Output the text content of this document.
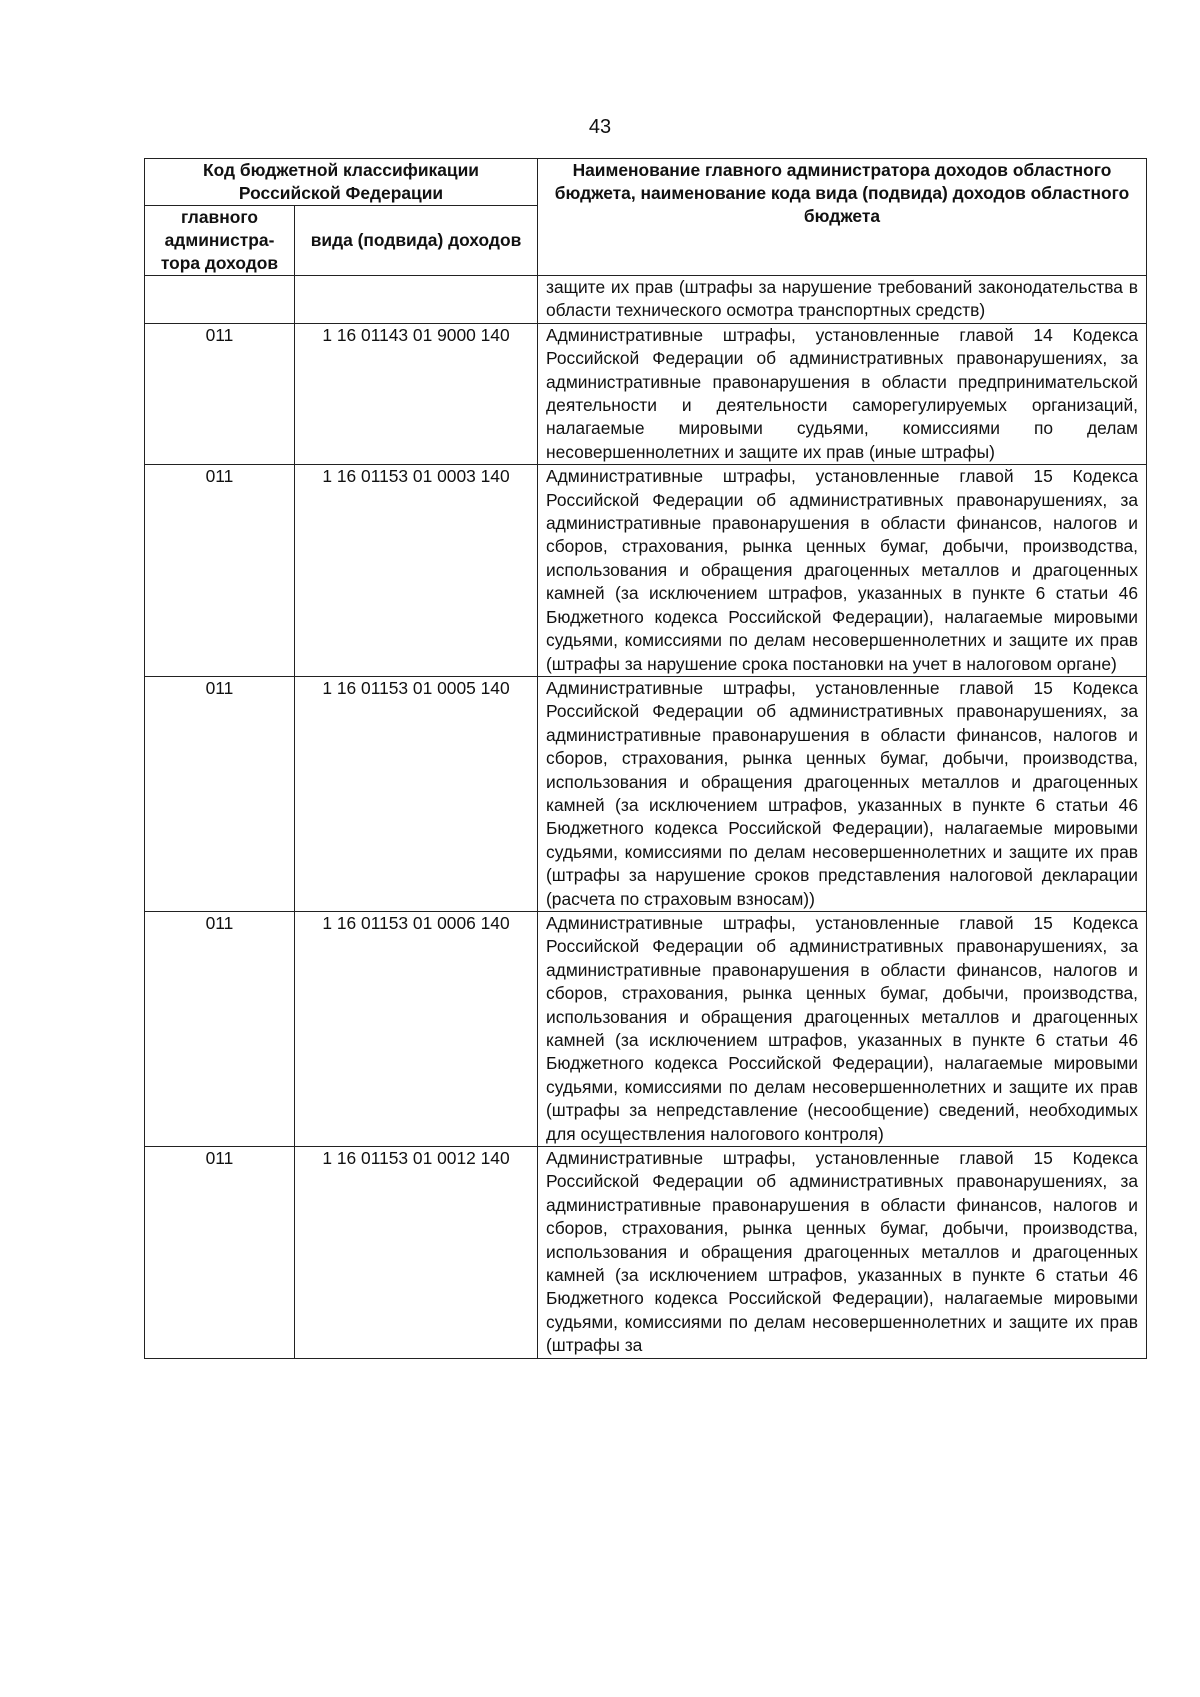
43
Код бюджетной классификации Российской Федерации		Наименование главного администратора доходов областного бюджета, наименование кода вида (подвида) доходов областного бюджета
главного администра-тора доходов	вида (подвида) доходов	
		защите их прав (штрафы за нарушение требований законодательства в области технического осмотра транспортных средств)
011	1 16 01143 01 9000 140	Административные штрафы, установленные главой 14 Кодекса Российской Федерации об административных правонарушениях, за административные правонарушения в области предпринимательской деятельности и деятельности саморегулируемых организаций, налагаемые мировыми судьями, комиссиями по делам несовершеннолетних и защите их прав (иные штрафы)
011	1 16 01153 01 0003 140	Административные штрафы, установленные главой 15 Кодекса Российской Федерации об административных правонарушениях, за административные правонарушения в области финансов, налогов и сборов, страхования, рынка ценных бумаг, добычи, производства, использования и обращения драгоценных металлов и драгоценных камней (за исключением штрафов, указанных в пункте 6 статьи 46 Бюджетного кодекса Российской Федерации), налагаемые мировыми судьями, комиссиями по делам несовершеннолетних и защите их прав (штрафы за нарушение срока постановки на учет в налоговом органе)
011	1 16 01153 01 0005 140	Административные штрафы, установленные главой 15 Кодекса Российской Федерации об административных правонарушениях, за административные правонарушения в области финансов, налогов и сборов, страхования, рынка ценных бумаг, добычи, производства, использования и обращения драгоценных металлов и драгоценных камней (за исключением штрафов, указанных в пункте 6 статьи 46 Бюджетного кодекса Российской Федерации), налагаемые мировыми судьями, комиссиями по делам несовершеннолетних и защите их прав (штрафы за нарушение сроков представления налоговой декларации (расчета по страховым взносам))
011	1 16 01153 01 0006 140	Административные штрафы, установленные главой 15 Кодекса Российской Федерации об административных правонарушениях, за административные правонарушения в области финансов, налогов и сборов, страхования, рынка ценных бумаг, добычи, производства, использования и обращения драгоценных металлов и драгоценных камней (за исключением штрафов, указанных в пункте 6 статьи 46 Бюджетного кодекса Российской Федерации), налагаемые мировыми судьями, комиссиями по делам несовершеннолетних и защите их прав (штрафы за непредставление (несообщение) сведений, необходимых для осуществления налогового контроля)
011	1 16 01153 01 0012 140	Административные штрафы, установленные главой 15 Кодекса Российской Федерации об административных правонарушениях, за административные правонарушения в области финансов, налогов и сборов, страхования, рынка ценных бумаг, добычи, производства, использования и обращения драгоценных металлов и драгоценных камней (за исключением штрафов, указанных в пункте 6 статьи 46 Бюджетного кодекса Российской Федерации), налагаемые мировыми судьями, комиссиями по делам несовершеннолетних и защите их прав (штрафы за
